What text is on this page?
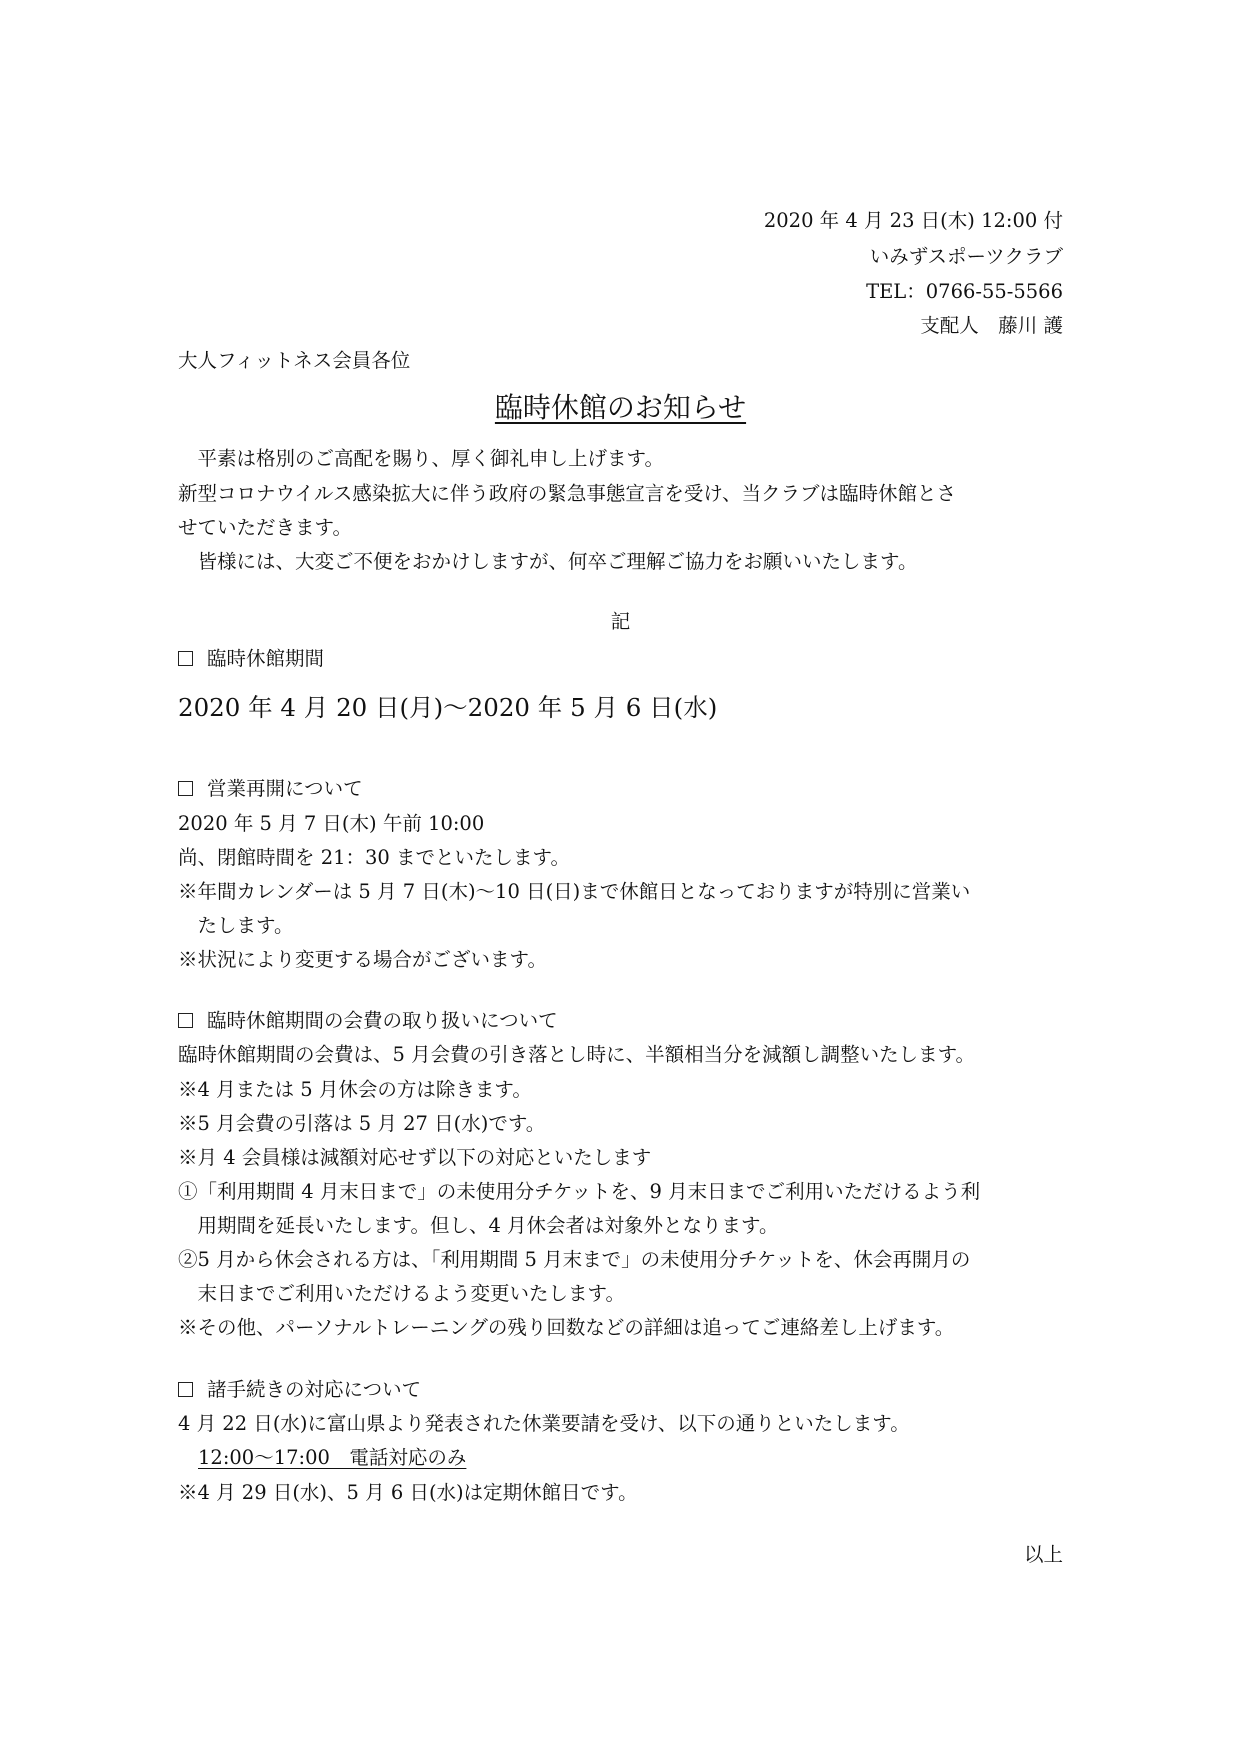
2020 年 4 月 23 日(木) 12:00 付
いみずスポーツクラブ
TEL：0766-55-5566
支配人　藤川 護
大人フィットネス会員各位
臨時休館のお知らせ
　平素は格別のご高配を賜り、厚く御礼申し上げます。
新型コロナウイルス感染拡大に伴う政府の緊急事態宣言を受け、当クラブは臨時休館とさ
せていただきます。
　皆様には、大変ご不便をおかけしますが、何卒ご理解ご協力をお願いいたします。
記
臨時休館期間
2020 年 4 月 20 日(月)～2020 年 5 月 6 日(水)
営業再開について
2020 年 5 月 7 日(木) 午前 10:00
尚、閉館時間を 21：30 までといたします。
※年間カレンダーは 5 月 7 日(木)～10 日(日)まで休館日となっておりますが特別に営業い
　たします。
※状況により変更する場合がございます。
臨時休館期間の会費の取り扱いについて
臨時休館期間の会費は、5 月会費の引き落とし時に、半額相当分を減額し調整いたします。
※4 月または 5 月休会の方は除きます。
※5 月会費の引落は 5 月 27 日(水)です。
※月 4 会員様は減額対応せず以下の対応といたします
①「利用期間 4 月末日まで」の未使用分チケットを、9 月末日までご利用いただけるよう利
　用期間を延長いたします。但し、4 月休会者は対象外となります。
②5 月から休会される方は、「利用期間 5 月末まで」の未使用分チケットを、休会再開月の
　末日までご利用いただけるよう変更いたします。
※その他、パーソナルトレーニングの残り回数などの詳細は追ってご連絡差し上げます。
諸手続きの対応について
4 月 22 日(水)に富山県より発表された休業要請を受け、以下の通りといたします。
12:00～17:00　電話対応のみ
※4 月 29 日(水)、5 月 6 日(水)は定期休館日です。
以上
